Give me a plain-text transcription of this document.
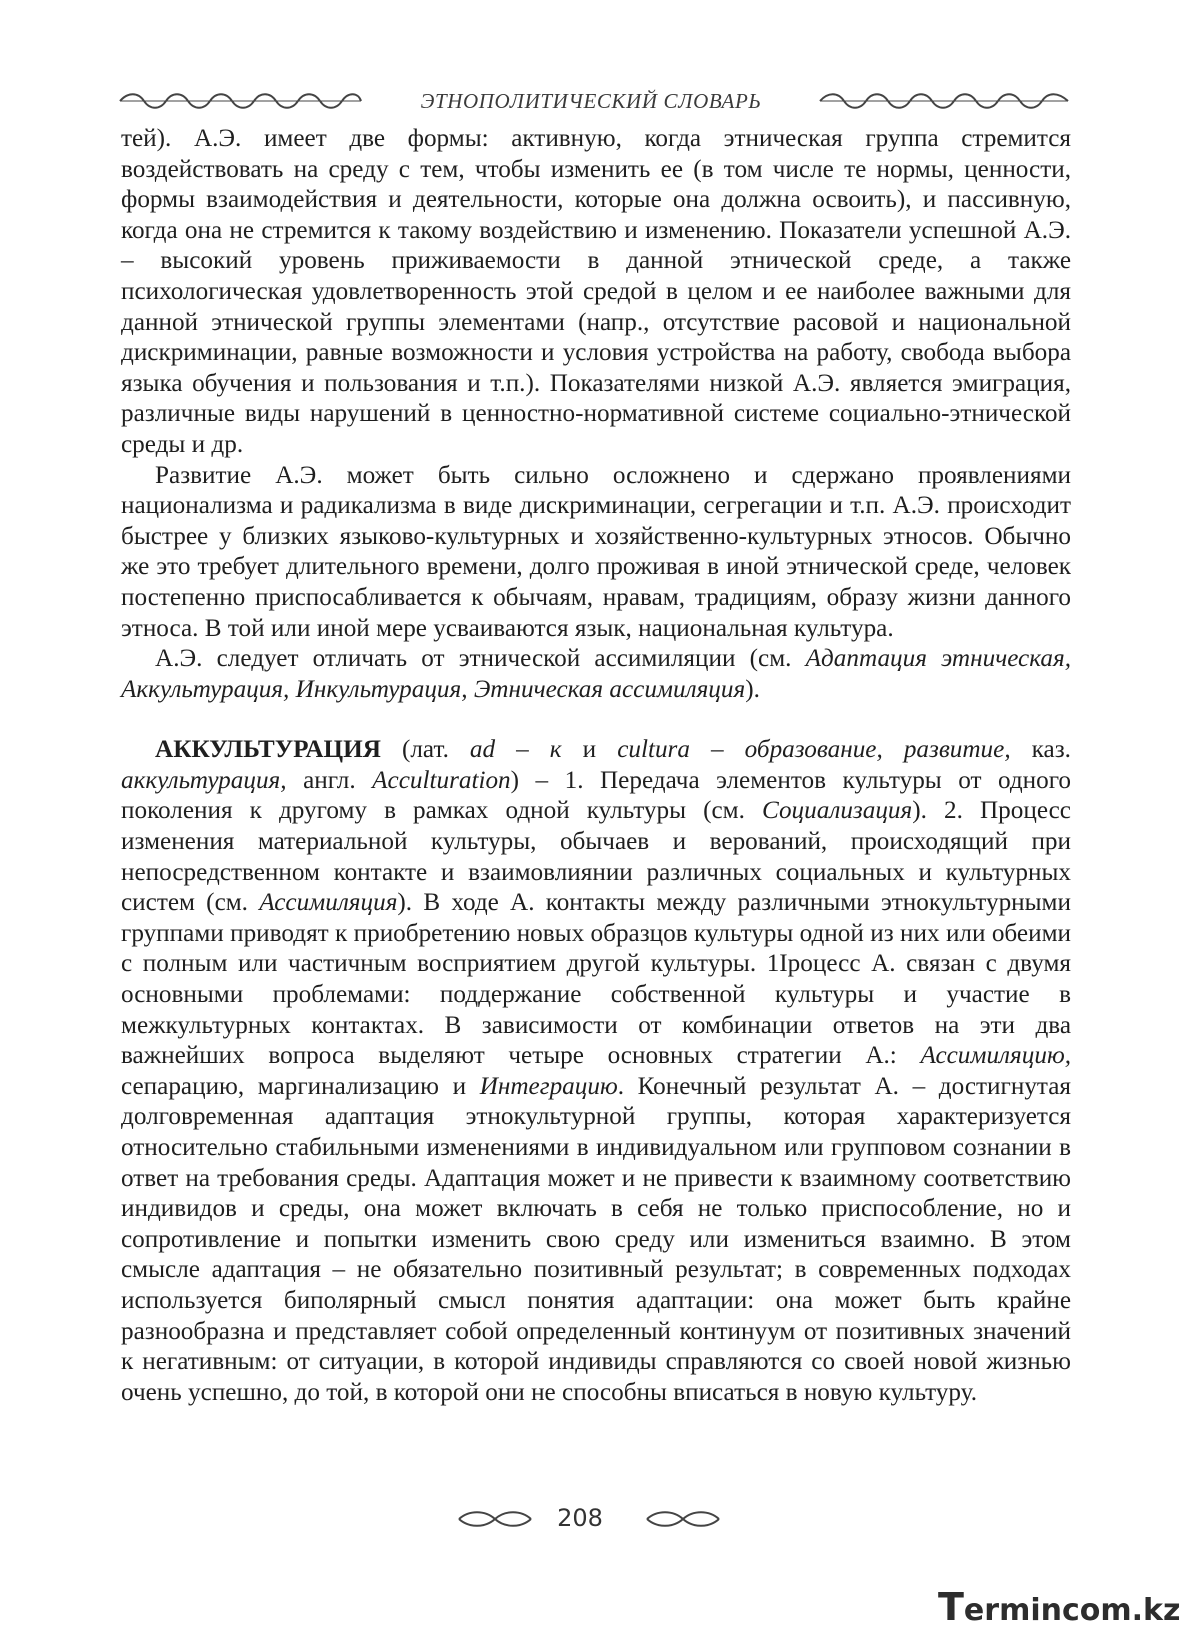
ЭТНОПОЛИТИЧЕСКИЙ СЛОВАРЬ

тей). А.Э. имеет две формы: активную, когда этническая группа стремится воздействовать на среду с тем, чтобы изменить ее (в том числе те нормы, ценности, формы взаимодействия и деятельности, которые она должна освоить), и пассивную, когда она не стремится к такому воздействию и изменению. Показатели успешной А.Э. – высокий уровень приживаемости в данной этнической среде, а также психологическая удовлетворенность этой средой в целом и ее наиболее важными для данной этнической группы элементами (напр., отсутствие расовой и национальной дискриминации, равные возможности и условия устройства на работу, свобода выбора языка обучения и пользования и т.п.). Показателями низкой А.Э. является эмиграция, различные виды нарушений в ценностно-нормативной системе социально-этнической среды и др.

Развитие А.Э. может быть сильно осложнено и сдержано проявлениями национализма и радикализма в виде дискриминации, сегрегации и т.п. А.Э. происходит быстрее у близких языково-культурных и хозяйственно-культурных этносов. Обычно же это требует длительного времени, долго проживая в иной этнической среде, человек постепенно приспосабливается к обычаям, нравам, традициям, образу жизни данного этноса. В той или иной мере усваиваются язык, национальная культура.

А.Э. следует отличать от этнической ассимиляции (см. Адаптация этническая, Аккультурация, Инкультурация, Этническая ассимиляция).

АККУЛЬТУРАЦИЯ (лат. ad – к и cultura – образование, развитие, каз. аккультурация, англ. Acculturation) – 1. Передача элементов культуры от одного поколения к другому в рамках одной культуры (см. Социализация). 2. Процесс изменения материальной культуры, обычаев и верований, происходящий при непосредственном контакте и взаимовлиянии различных социальных и культурных систем (см. Ассимиляция). В ходе А. контакты между различными этнокультурными группами приводят к приобретению новых образцов культуры одной из них или обеими с полным или частичным восприятием другой культуры. 1Iроцесс А. связан с двумя основными проблемами: поддержание собственной культуры и участие в межкультурных контактах. В зависимости от комбинации ответов на эти два важнейших вопроса выделяют четыре основных стратегии А.: Ассимиляцию, сепарацию, маргинализацию и Интеграцию. Конечный результат А. – достигнутая долговременная адаптация этнокультурной группы, которая характеризуется относительно стабильными изменениями в индивидуальном или групповом сознании в ответ на требования среды. Адаптация может и не привести к взаимному соответствию индивидов и среды, она может включать в себя не только приспособление, но и сопротивление и попытки изменить свою среду или измениться взаимно. В этом смысле адаптация – не обязательно позитивный результат; в современных подходах используется биполярный смысл понятия адаптации: она может быть крайне разнообразна и представляет собой определенный континуум от позитивных значений к негативным: от ситуации, в которой индивиды справляются со своей новой жизнью очень успешно, до той, в которой они не способны вписаться в новую культуру.

208
Termincom.kz
